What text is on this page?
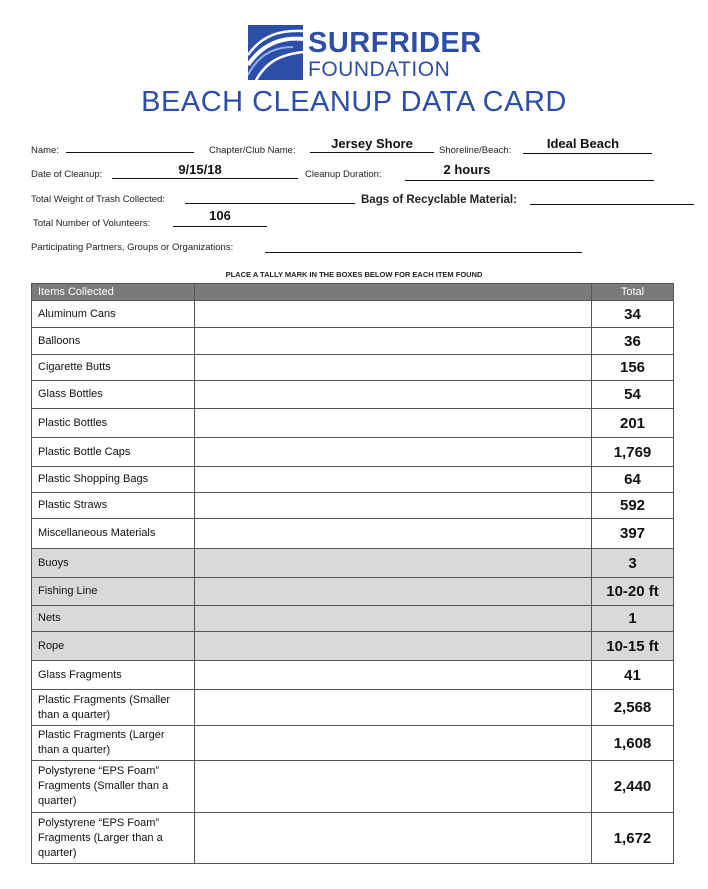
SURFRIDER
FOUNDATION
BEACH CLEANUP DATA CARD
Name:	Chapter/Club Name:	Jersey Shore	Shoreline/Beach:	Ideal Beach
Date of Cleanup:	9/15/18	Cleanup Duration:	2 hours
Total Weight of Trash Collected:	Bags of Recyclable Material:
Total Number of Volunteers:
106
Participating Partners, Groups or Organizations:
PLACE A TALLY MARK IN THE BOXES BELOW FOR EACH ITEM FOUND
Items Collected		Total
Aluminum Cans		34
Balloons		36
Cigarette Butts		156
Glass Bottles		54
Plastic Bottles		201
Plastic Bottle Caps		1,769
Plastic Shopping Bags		64
Plastic Straws		592
Miscellaneous Materials		397
Buoys		3
Fishing Line		10-20 ft
Nets		1
Rope		10-15 ft
Glass Fragments		41
Plastic Fragments (Smaller than a quarter)		2,568
Plastic Fragments (Larger than a quarter)		1,608
Polystyrene “EPS Foam” Fragments (Smaller than a quarter)		2,440
Polystyrene “EPS Foam” Fragments (Larger than a quarter)		1,672
